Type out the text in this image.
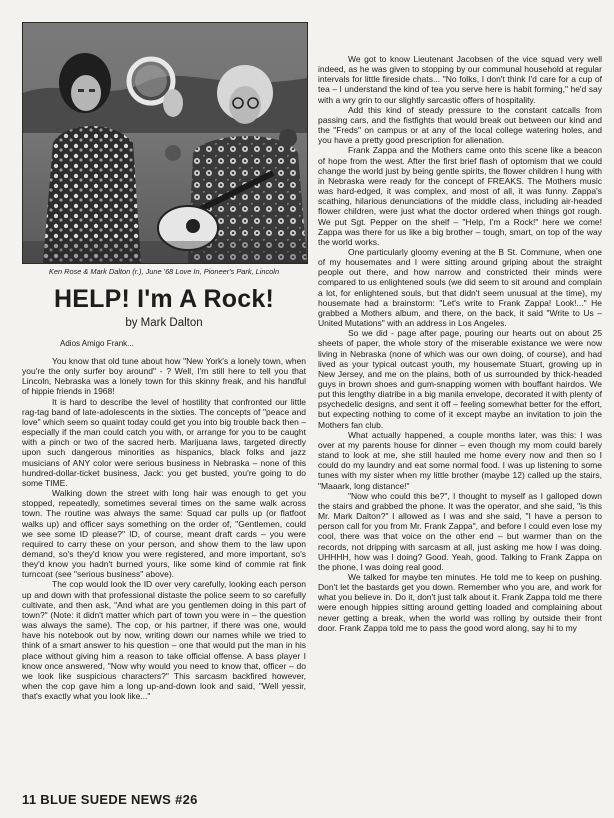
Ken Rose & Mark Dalton (r.), June '68 Love In, Pioneer's Park, Lincoln
HELP! I'm A Rock!
by Mark Dalton
Adios Amigo Frank...

You know that old tune about how "New York's a lonely town, when you're the only surfer boy around" - ? Well, I'm still here to tell you that Lincoln, Nebraska was a lonely town for this skinny freak, and his handful of hippie friends in 1968!

It is hard to describe the level of hostility that confronted our little rag-tag band of late-adolescents in the sixties. The concepts of "peace and love" which seem so quaint today could get you into big trouble back then – especially if the man could catch you with, or arrange for you to be caught with a pinch or two of the sacred herb. Marijuana laws, targeted directly upon such dangerous minorities as hispanics, black folks and jazz musicians of ANY color were serious business in Nebraska – none of this hundred-dollar-ticket business, Jack: you get busted, you're going to do some TIME.

Walking down the street with long hair was enough to get you stopped, repeatedly, sometimes several times on the same walk across town. The routine was always the same: Squad car pulls up (or flatfoot walks up) and officer says something on the order of, "Gentlemen, could we see some ID please?" ID, of course, meant draft cards – you were required to carry these on your person, and show them to the law upon demand, so's they'd know you were registered, and more important, so's they'd know you hadn't burned yours, like some kind of commie rat fink turncoat (see "serious business" above).

The cop would look the ID over very carefully, looking each person up and down with that professional distaste the police seem to so carefully cultivate, and then ask, "And what are you gentlemen doing in this part of town?" (Note: it didn't matter which part of town you were in – the question was always the same). The cop, or his partner, if there was one, would have his notebook out by now, writing down our names while we tried to think of a smart answer to his question – one that would put the man in his place without giving him a reason to take official offense. A bass player I know once answered, "Now why would you need to know that, officer – do we look like suspicious characters?" This sarcasm backfired however, when the cop gave him a long up-and-down look and said, "Well yessir, that's exactly what you look like..."

We got to know Lieutenant Jacobsen of the vice squad very well indeed, as he was given to stopping by our communal household at regular intervals for little fireside chats... "No folks, I don't think I'd care for a cup of tea – I understand the kind of tea you serve here is habit forming," he'd say with a wry grin to our slightly sarcastic offers of hospitality.

Add this kind of steady pressure to the constant catcalls from passing cars, and the fistfights that would break out between our kind and the "Freds" on campus or at any of the local college watering holes, and you have a pretty good prescription for alienation.

Frank Zappa and the Mothers came onto this scene like a beacon of hope from the west. After the first brief flash of optomism that we could change the world just by being gentle spirits, the flower children I hung with in Nebraska were ready for the concept of FREAKS. The Mothers music was hard-edged, it was complex, and most of all, it was funny. Zappa's scathing, hilarious denunciations of the middle class, including air-headed flower children, were just what the doctor ordered when things got rough. We put Sgt. Pepper on the shelf – "Help, I'm a Rock!" here we come! Zappa was there for us like a big brother – tough, smart, on top of the way the world works.

One particularly gloomy evening at the B St. Commune, when one of my housemates and I were sitting around griping about the straight people out there, and how narrow and constricted their minds were compared to us enlightened souls (we did seem to sit around and complain a lot, for enlightened souls, but that didn't seem unusual at the time), my housemate had a brainstorm: "Let's write to Frank Zappa! Look!..." He grabbed a Mothers album, and there, on the back, it said "Write to Us – United Mutations" with an address in Los Angeles.

So we did - page after page, pouring our hearts out on about 25 sheets of paper, the whole story of the miserable existance we were now living in Nebraska (none of which was our own doing, of course), and had lived as your typical outcast youth, my housemate Stuart, growing up in New Jersey, and me on the plains, both of us surrounded by thick-headed guys in brown shoes and gum-snapping women with bouffant hairdos. We put this lengthy diatribe in a big manila envelope, decorated it with plenty of psychedelic designs, and sent it off – feeling somewhat better for the effort, but expecting nothing to come of it except maybe an invitation to join the Mothers fan club.

What actually happened, a couple months later, was this: I was over at my parents house for dinner – even though my mom could barely stand to look at me, she still hauled me home every now and then so I could do my laundry and eat some normal food. I was up listening to some tunes with my sister when my little brother (maybe 12) called up the stairs, "Maaark, long distance!"

"Now who could this be?", I thought to myself as I galloped down the stairs and grabbed the phone. It was the operator, and she said, "is this Mr. Mark Dalton?" I allowed as I was and she said, "I have a person to person call for you from Mr. Frank Zappa", and before I could even lose my cool, there was that voice on the other end – but warmer than on the records, not dripping with sarcasm at all, just asking me how I was doing. UHHHH, how was I doing? Good. Yeah, good. Talking to Frank Zappa on the phone, I was doing real good.

We talked for maybe ten minutes. He told me to keep on pushing. Don't let the bastards get you down. Remember who you are, and work for what you believe in. Do it, don't just talk about it. Frank Zappa told me there were enough hippies sitting around getting loaded and complaining about never getting a break, when the world was rolling by outside their front door. Frank Zappa told me to pass the good word along, say hi to my

11 BLUE SUEDE NEWS #26
